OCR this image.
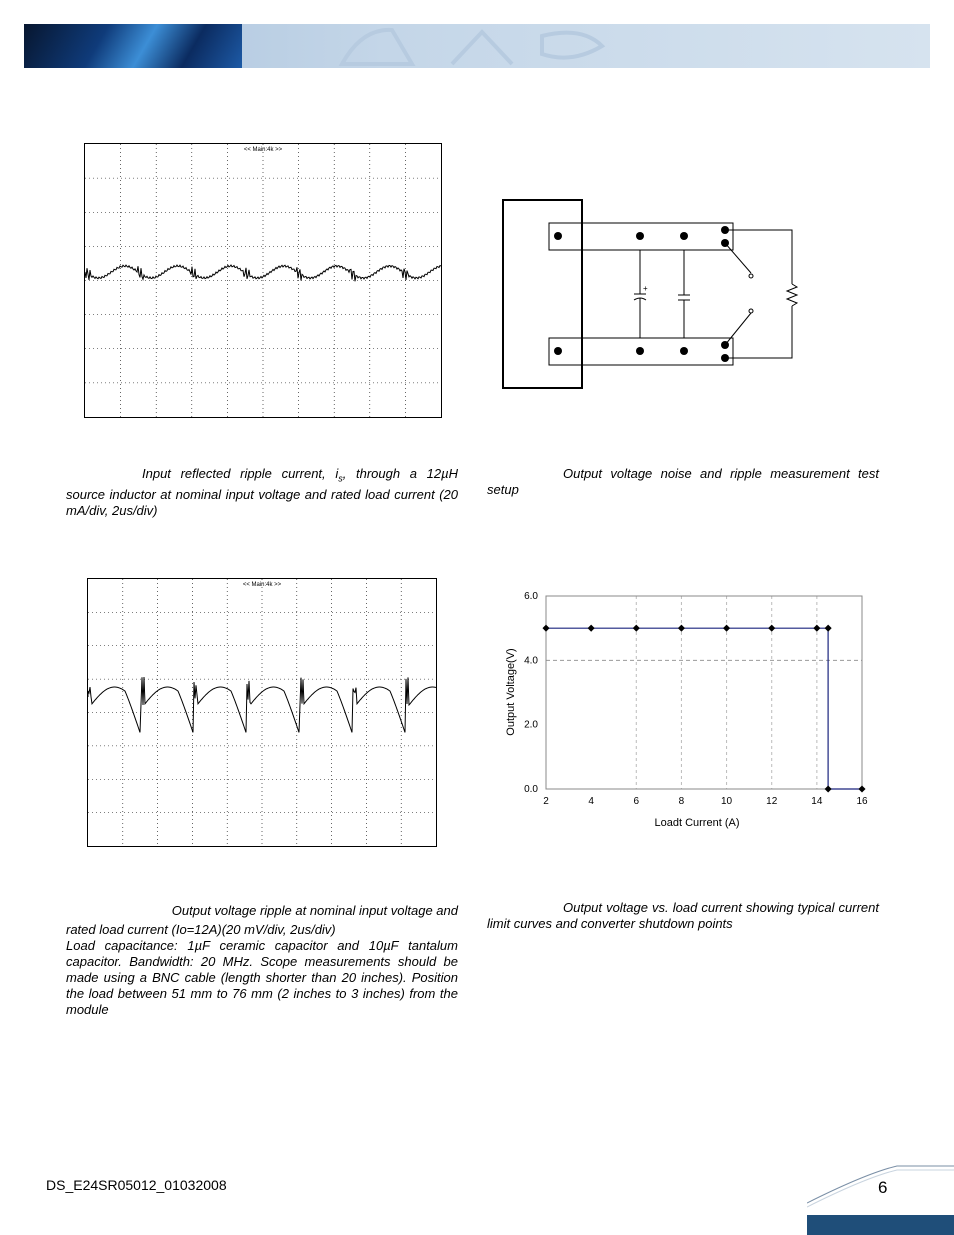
<< Main:4k >>
+
Input reflected ripple current, $i_s$, through a 12µH source inductor at nominal input voltage and rated load current (20 mA/div, 2us/div)
Output voltage noise and ripple measurement test setup
<< Main:4k >>
2	4	6	8	10	12	14	16
0.0
2.0
4.0
6.0
Loadt Current (A)
Output Voltage(V)
Output voltage ripple at nominal input voltage and
rated load current (Io=12A)(20 mV/div, 2us/div)
Load capacitance: 1µF ceramic capacitor and 10µF tantalum capacitor. Bandwidth: 20 MHz. Scope measurements should be made using a BNC cable (length shorter than 20 inches). Position the load between 51 mm to 76 mm (2 inches to 3 inches) from the module
Output voltage vs. load current showing typical current limit curves and converter shutdown points
DS_E24SR05012_01032008	6
